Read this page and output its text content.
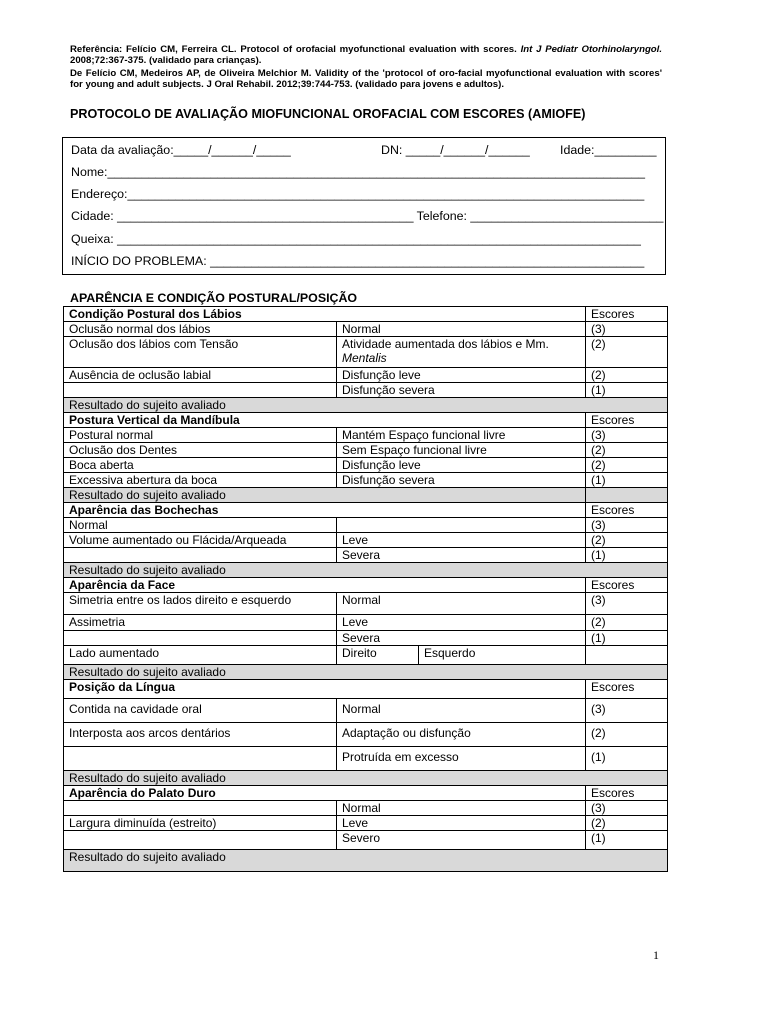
Referência: Felício CM, Ferreira CL. Protocol of orofacial myofunctional evaluation with scores. Int J Pediatr Otorhinolaryngol. 2008;72:367-375. (validado para crianças).
De Felício CM, Medeiros AP, de Oliveira Melchior M. Validity of the 'protocol of oro-facial myofunctional evaluation with scores' for young and adult subjects. J Oral Rehabil. 2012;39:744-753. (validado para jovens e adultos).
PROTOCOLO DE AVALIAÇÃO MIOFUNCIONAL OROFACIAL COM ESCORES (AMIOFE)
Data da avaliação:_____/______/_____	DN: _____/______/______ Idade:_________
Nome:______________________________________________________________________________
Endereço:___________________________________________________________________________
Cidade: ___________________________________________ Telefone: ____________________________
Queixa: ____________________________________________________________________________
INÍCIO DO PROBLEMA: _______________________________________________________________
APARÊNCIA E CONDIÇÃO POSTURAL/POSIÇÃO
Condição Postural dos Lábios			Escores
Oclusão normal dos lábios	Normal		(3)
Oclusão dos lábios com Tensão	Atividade aumentada dos lábios e Mm.
Mentalis		(2)
Ausência de oclusão labial	Disfunção leve		(2)
	Disfunção severa		(1)
Resultado do sujeito avaliado			
Postura Vertical da Mandíbula			Escores
Postural normal	Mantém Espaço funcional livre		(3)
Oclusão dos Dentes	Sem Espaço funcional livre		(2)
Boca aberta	Disfunção leve		(2)
Excessiva abertura da boca	Disfunção severa		(1)
Resultado do sujeito avaliado			
Aparência das Bochechas			Escores
Normal			(3)
Volume aumentado ou Flácida/Arqueada	Leve		(2)
	Severa		(1)
Resultado do sujeito avaliado			
Aparência da Face			Escores
Simetria entre os lados direito e esquerdo	Normal		(3)
Assimetria	Leve		(2)
	Severa		(1)
Lado aumentado	Direito	Esquerdo	
Resultado do sujeito avaliado			
Posição da Língua			Escores
Contida na cavidade oral	Normal		(3)
Interposta aos arcos dentários	Adaptação ou disfunção		(2)
	Protruída em excesso		(1)
Resultado do sujeito avaliado			
Aparência do Palato Duro			Escores
	Normal		(3)
Largura diminuída (estreito)	Leve		(2)
	Severo		(1)
Resultado do sujeito avaliado			
1
